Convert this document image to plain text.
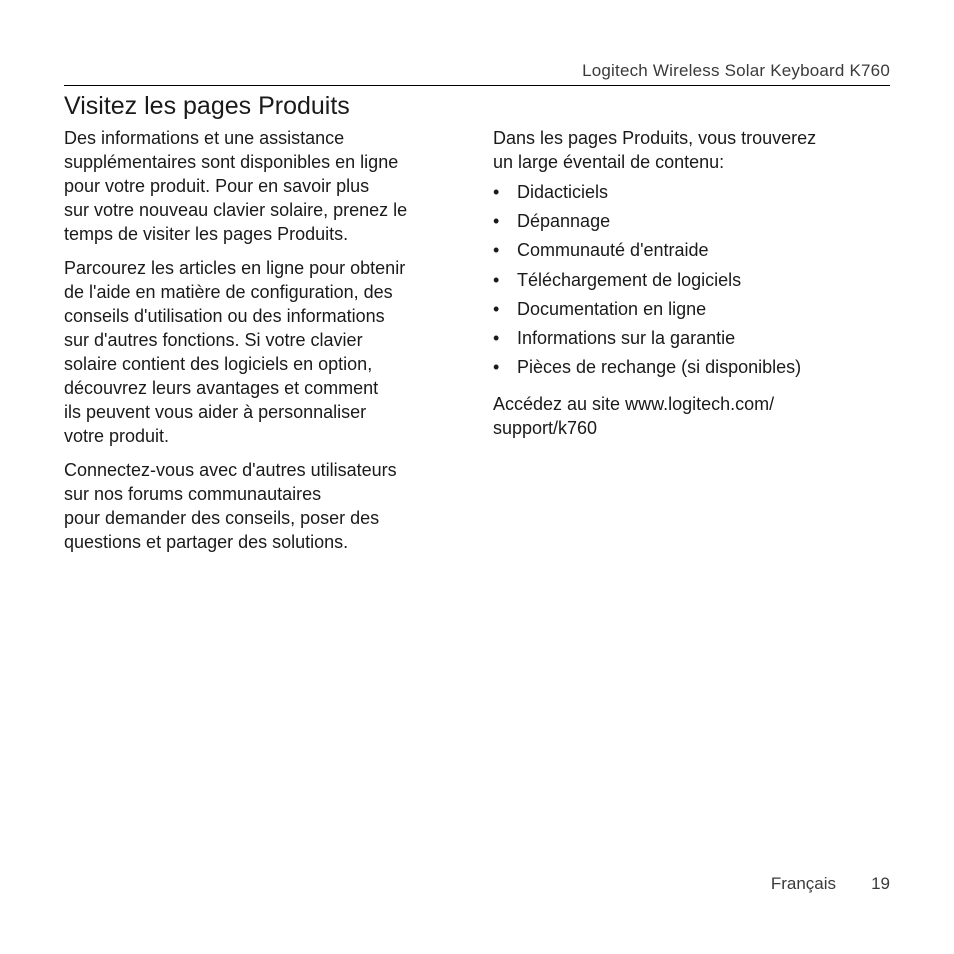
Logitech Wireless Solar Keyboard K760
Visitez les pages Produits

Des informations et une assistance
supplémentaires sont disponibles en ligne
pour votre produit. Pour en savoir plus
sur votre nouveau clavier solaire, prenez le
temps de visiter les pages Produits.

Parcourez les articles en ligne pour obtenir
de l'aide en matière de configuration, des
conseils d'utilisation ou des informations
sur d'autres fonctions. Si votre clavier
solaire contient des logiciels en option,
découvrez leurs avantages et comment
ils peuvent vous aider à personnaliser
votre produit.

Connectez-vous avec d'autres utilisateurs
sur nos forums communautaires
pour demander des conseils, poser des
questions et partager des solutions.

Dans les pages Produits, vous trouverez
un large éventail de contenu:

• Didacticiels
• Dépannage
• Communauté d'entraide
• Téléchargement de logiciels
• Documentation en ligne
• Informations sur la garantie
• Pièces de rechange (si disponibles)

Accédez au site www.logitech.com/
support/k760

Français 19
